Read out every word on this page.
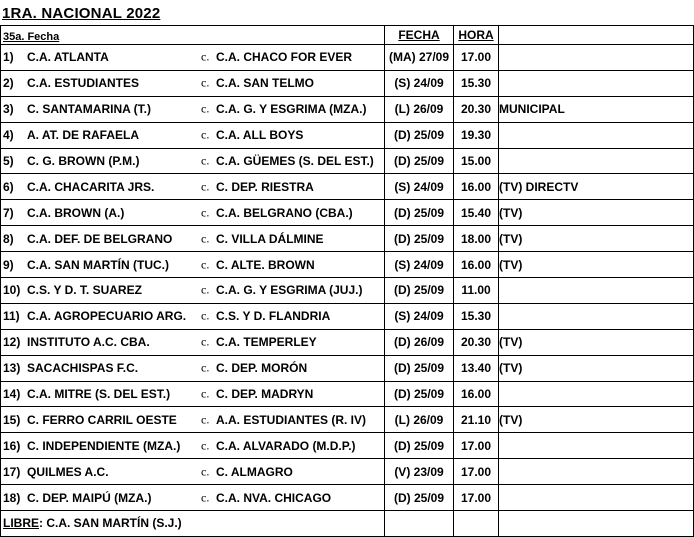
1RA. NACIONAL 2022
35a. Fecha	FECHA	HORA	

1) C.A. ATLANTA c. C.A. CHACO FOR EVER	(MA) 27/09	17.00	

2) C.A. ESTUDIANTES c. C.A. SAN TELMO	(S) 24/09	15.30	

3) C. SANTAMARINA (T.) c. C.A. G. Y ESGRIMA (MZA.)	(L) 26/09	20.30	MUNICIPAL

4) A. AT. DE RAFAELA c. C.A. ALL BOYS	(D) 25/09	19.30	

5) C. G. BROWN (P.M.) c. C.A. GÜEMES (S. DEL EST.)	(D) 25/09	15.00	

6) C.A. CHACARITA JRS. c. C. DEP. RIESTRA	(S) 24/09	16.00	(TV) DIRECTV

7) C.A. BROWN (A.) c. C.A. BELGRANO (CBA.)	(D) 25/09	15.40	(TV)

8) C.A. DEF. DE BELGRANO c. C. VILLA DÁLMINE	(D) 25/09	18.00	(TV)

9) C.A. SAN MARTÍN (TUC.) c. C. ALTE. BROWN	(S) 24/09	16.00	(TV)

10) C.S. Y D. T. SUAREZ c. C.A. G. Y ESGRIMA (JUJ.)	(D) 25/09	11.00	

11) C.A. AGROPECUARIO ARG. c. C.S. Y D. FLANDRIA	(S) 24/09	15.30	

12) INSTITUTO A.C. CBA. c. C.A. TEMPERLEY	(D) 26/09	20.30	(TV)

13) SACACHISPAS F.C. c. C. DEP. MORÓN	(D) 25/09	13.40	(TV)

14) C.A. MITRE (S. DEL EST.) c. C. DEP. MADRYN	(D) 25/09	16.00	

15) C. FERRO CARRIL OESTE c. A.A. ESTUDIANTES (R. IV)	(L) 26/09	21.10	(TV)

16) C. INDEPENDIENTE (MZA.) c. C.A. ALVARADO (M.D.P.)	(D) 25/09	17.00	

17) QUILMES A.C. c. C. ALMAGRO	(V) 23/09	17.00	

18) C. DEP. MAIPÚ (MZA.) c. C.A. NVA. CHICAGO	(D) 25/09	17.00	

LIBRE: C.A. SAN MARTÍN (S.J.)			
